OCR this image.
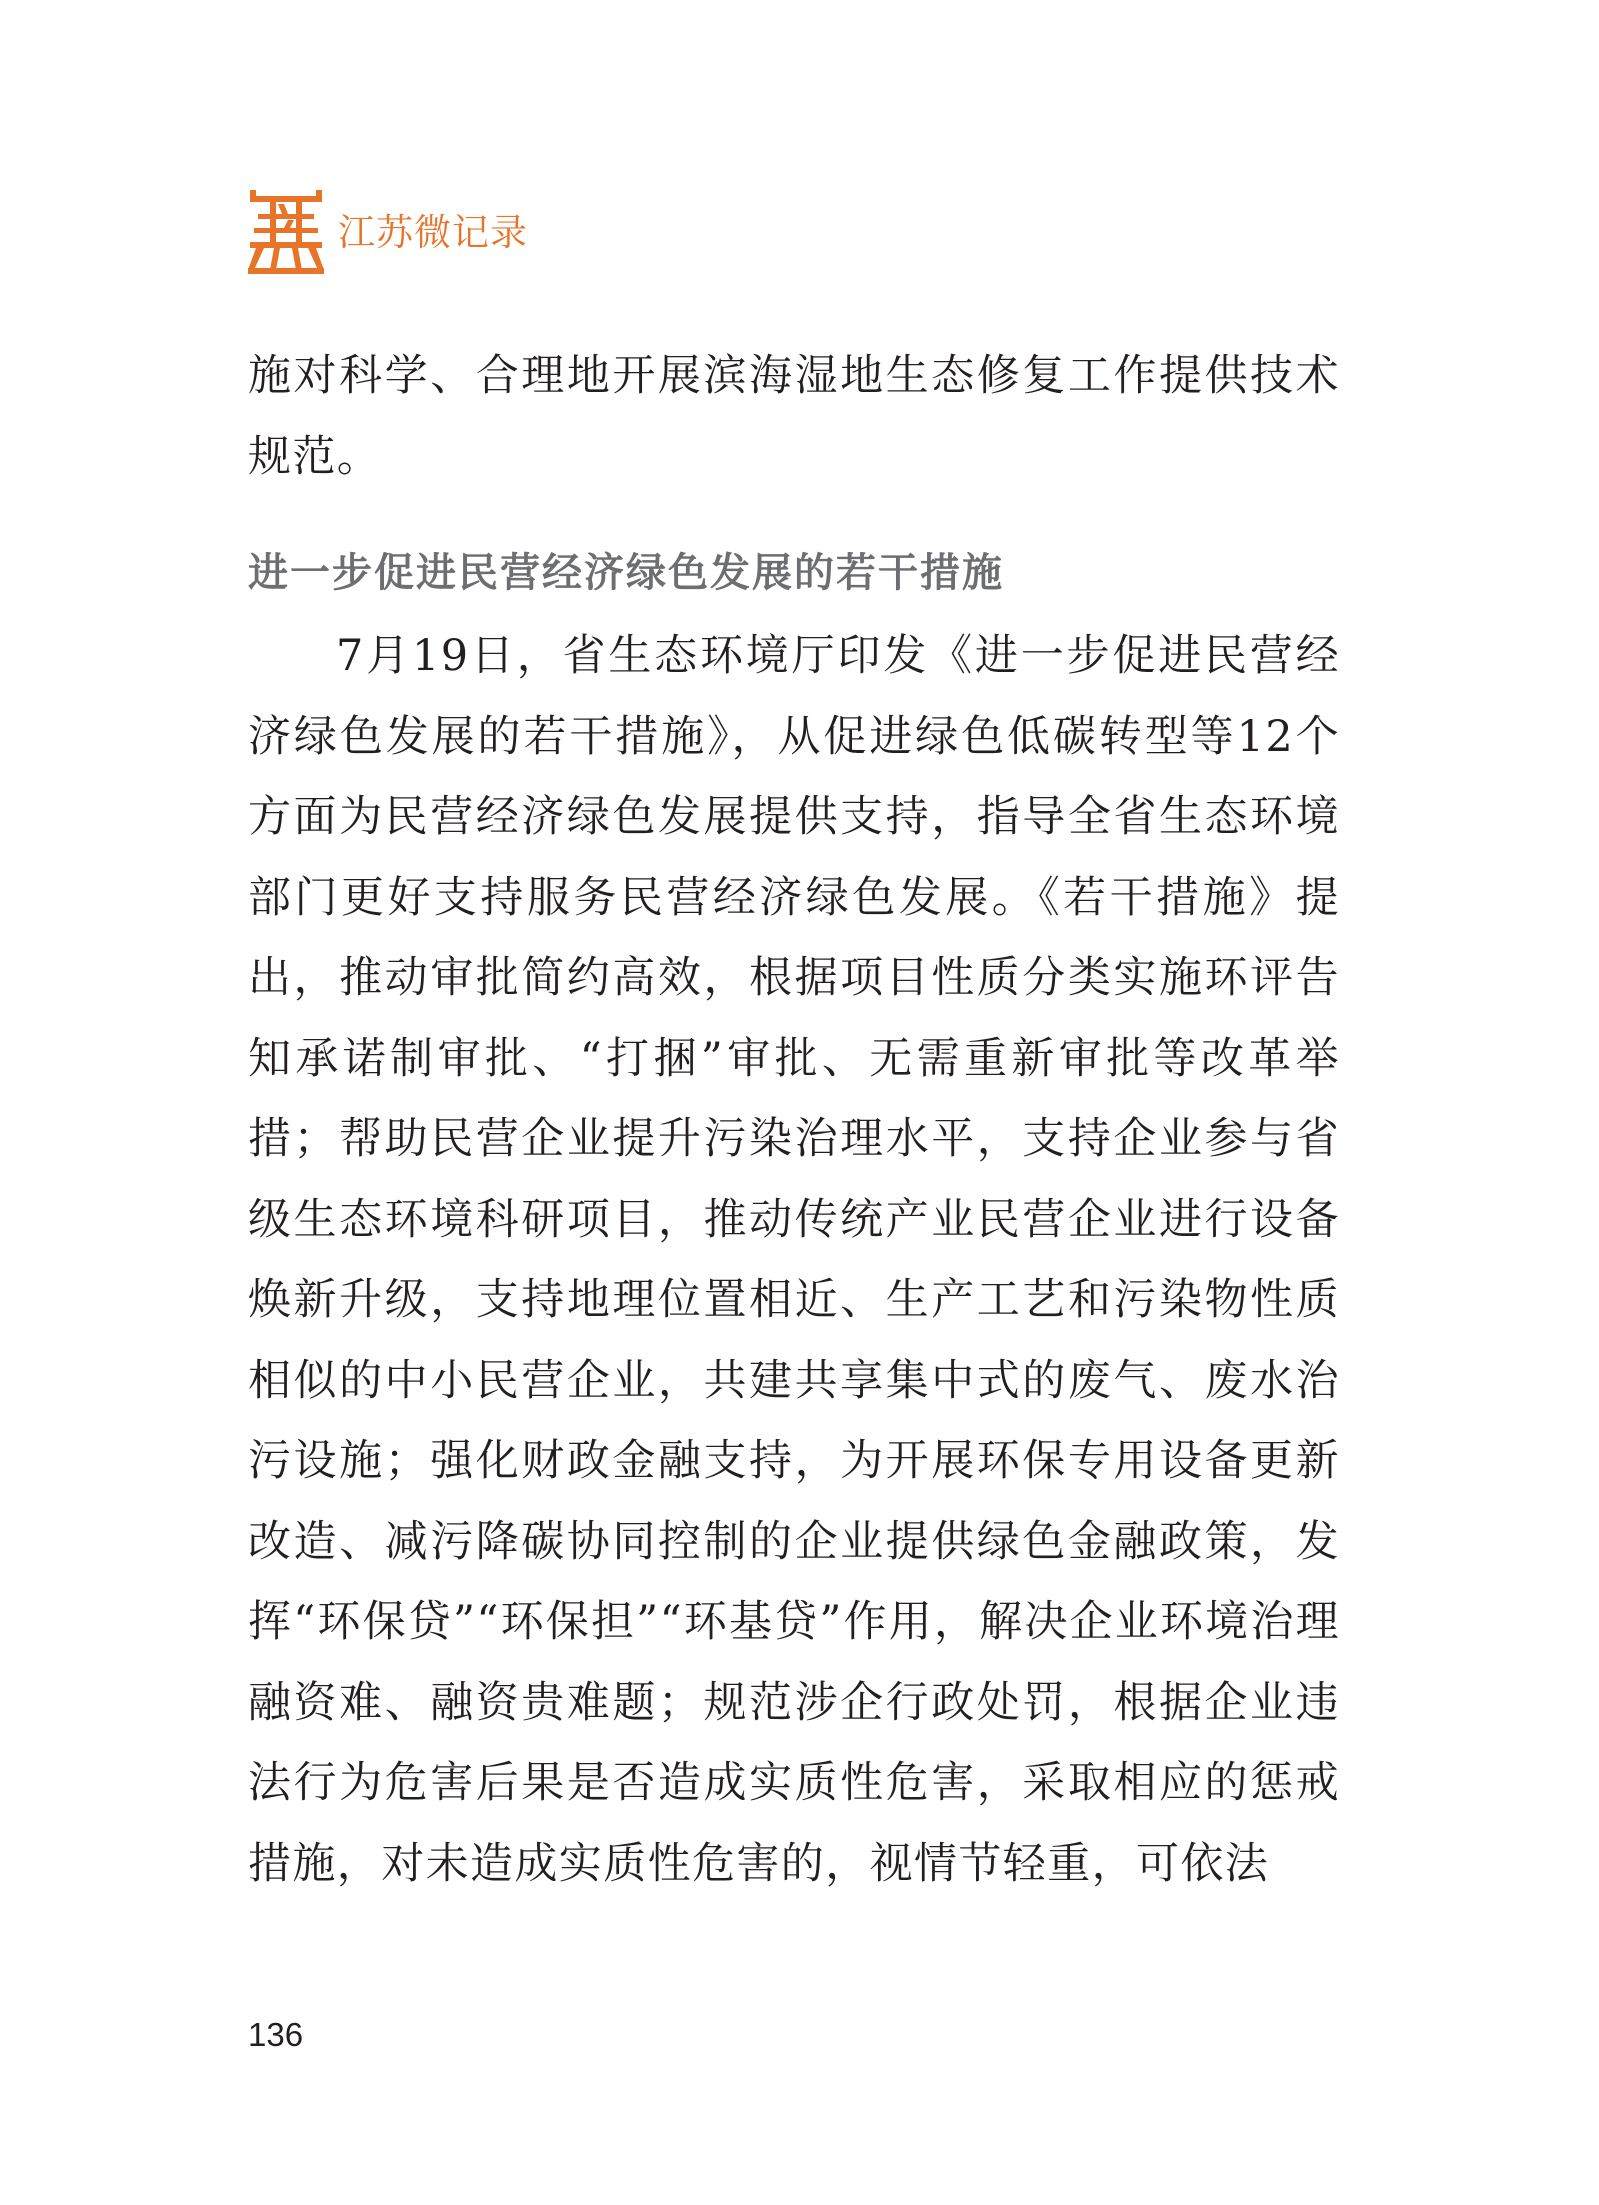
江苏微记录

施对科学、合理地开展滨海湿地生态修复工作提供技术规范。

进一步促进民营经济绿色发展的若干措施

7月19日，省生态环境厅印发《进一步促进民营经济绿色发展的若干措施》，从促进绿色低碳转型等12个方面为民营经济绿色发展提供支持，指导全省生态环境部门更好支持服务民营经济绿色发展。《若干措施》提出，推动审批简约高效，根据项目性质分类实施环评告知承诺制审批、“打捆”审批、无需重新审批等改革举措；帮助民营企业提升污染治理水平，支持企业参与省级生态环境科研项目，推动传统产业民营企业进行设备焕新升级，支持地理位置相近、生产工艺和污染物性质相似的中小民营企业，共建共享集中式的废气、废水治污设施；强化财政金融支持，为开展环保专用设备更新改造、减污降碳协同控制的企业提供绿色金融政策，发挥“环保贷”“环保担”“环基贷”作用，解决企业环境治理融资难、融资贵难题；规范涉企行政处罚，根据企业违法行为危害后果是否造成实质性危害，采取相应的惩戒措施，对未造成实质性危害的，视情节轻重，可依法

136
